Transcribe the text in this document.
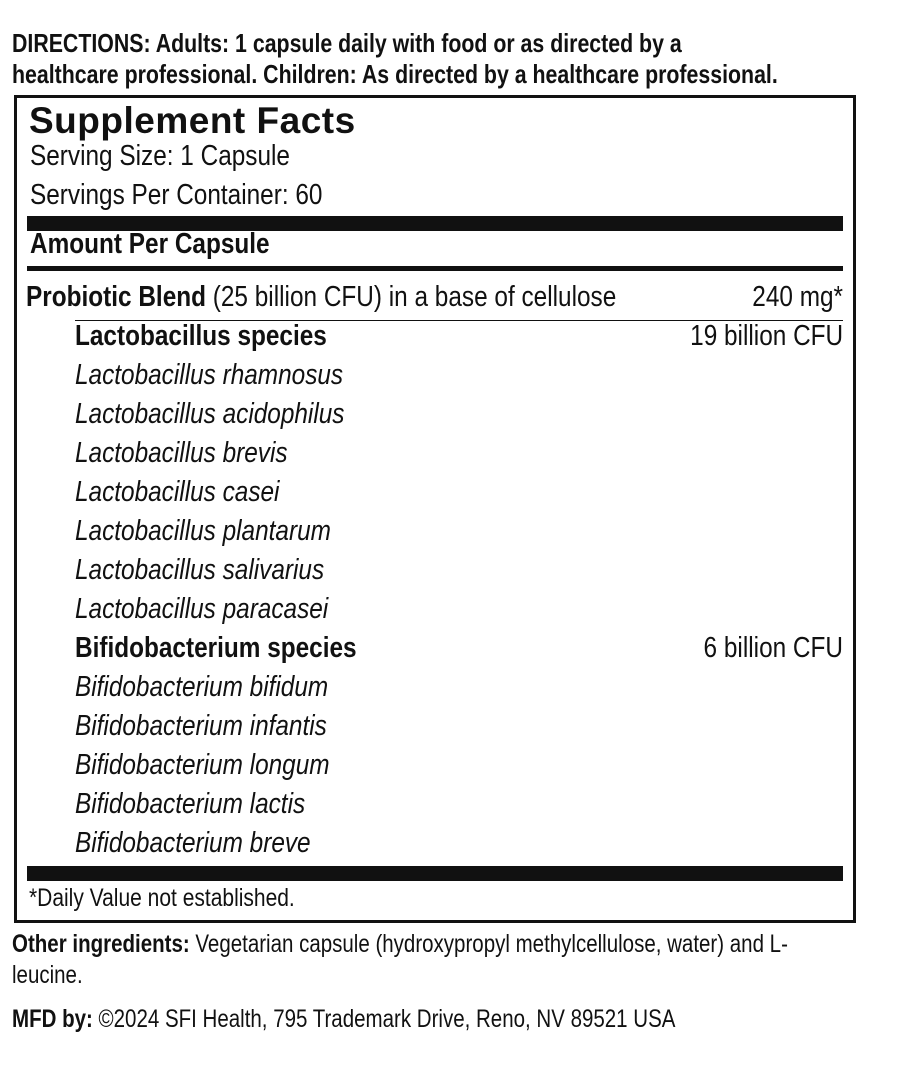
DIRECTIONS: Adults: 1 capsule daily with food or as directed by a
healthcare professional. Children: As directed by a healthcare professional.
Supplement Facts
Serving Size: 1 Capsule
Servings Per Container: 60
Amount Per Capsule
Probiotic Blend (25 billion CFU) in a base of cellulose	240 mg*
Lactobacillus species	19 billion CFU
Lactobacillus rhamnosus
Lactobacillus acidophilus
Lactobacillus brevis
Lactobacillus casei
Lactobacillus plantarum
Lactobacillus salivarius
Lactobacillus paracasei
Bifidobacterium species	6 billion CFU
Bifidobacterium bifidum
Bifidobacterium infantis
Bifidobacterium longum
Bifidobacterium lactis
Bifidobacterium breve
*Daily Value not established.
Other ingredients: Vegetarian capsule (hydroxypropyl methylcellulose, water) and L-leucine.
MFD by: ©2024 SFI Health, 795 Trademark Drive, Reno, NV 89521 USA
